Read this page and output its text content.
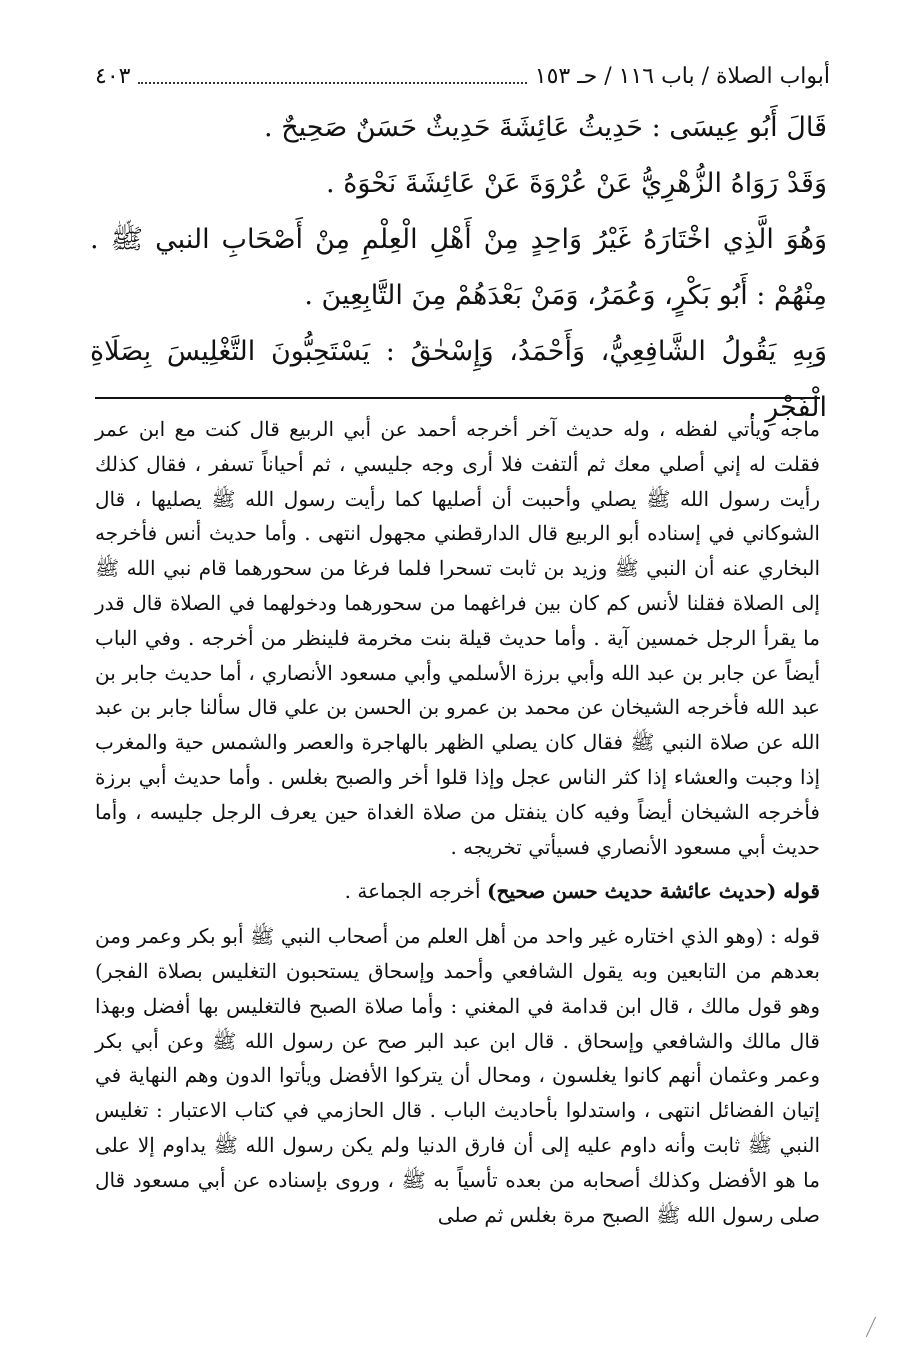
أبواب الصلاة / باب ١١٦ / حـ ١٥٣
٤٠٣

قَالَ أَبُو عِيسَى : حَدِيثُ عَائِشَةَ حَدِيثٌ حَسَنٌ صَحِيحٌ .

وَقَدْ رَوَاهُ الزُّهْرِيُّ عَنْ عُرْوَةَ عَنْ عَائِشَةَ نَحْوَهُ .

وَهُوَ الَّذِي اخْتَارَهُ غَيْرُ وَاحِدٍ مِنْ أَهْلِ الْعِلْمِ مِنْ أَصْحَابِ النبي ﷺ . مِنْهُمْ : أَبُو بَكْرٍ، وَعُمَرُ، وَمَنْ بَعْدَهُمْ مِنَ التَّابِعِينَ .

وَبِهِ يَقُولُ الشَّافِعِيُّ، وَأَحْمَدُ، وَإِسْحٰقُ : يَسْتَحِبُّونَ التَّغْلِيسَ بِصَلَاةِ الْفَجْرِ .

ماجه ويأتي لفظه ، وله حديث آخر أخرجه أحمد عن أبي الربيع قال كنت مع ابن عمر فقلت له إني أصلي معك ثم ألتفت فلا أرى وجه جليسي ، ثم أحياناً تسفر ، فقال كذلك رأيت رسول الله ﷺ يصلي وأحببت أن أصليها كما رأيت رسول الله ﷺ يصليها ، قال الشوكاني في إسناده أبو الربيع قال الدارقطني مجهول انتهى . وأما حديث أنس فأخرجه البخاري عنه أن النبي ﷺ وزيد بن ثابت تسحرا فلما فرغا من سحورهما قام نبي الله ﷺ إلى الصلاة فقلنا لأنس كم كان بين فراغهما من سحورهما ودخولهما في الصلاة قال قدر ما يقرأ الرجل خمسين آية . وأما حديث قيلة بنت مخرمة فلينظر من أخرجه . وفي الباب أيضاً عن جابر بن عبد الله وأبي برزة الأسلمي وأبي مسعود الأنصاري ، أما حديث جابر بن عبد الله فأخرجه الشيخان عن محمد بن عمرو بن الحسن بن علي قال سألنا جابر بن عبد الله عن صلاة النبي ﷺ فقال كان يصلي الظهر بالهاجرة والعصر والشمس حية والمغرب إذا وجبت والعشاء إذا كثر الناس عجل وإذا قلوا أخر والصبح بغلس . وأما حديث أبي برزة فأخرجه الشيخان أيضاً وفيه كان ينفتل من صلاة الغداة حين يعرف الرجل جليسه ، وأما حديث أبي مسعود الأنصاري فسيأتي تخريجه .

قوله (حديث عائشة حديث حسن صحيح) أخرجه الجماعة .

قوله : (وهو الذي اختاره غير واحد من أهل العلم من أصحاب النبي ﷺ أبو بكر وعمر ومن بعدهم من التابعين وبه يقول الشافعي وأحمد وإسحاق يستحبون التغليس بصلاة الفجر) وهو قول مالك ، قال ابن قدامة في المغني : وأما صلاة الصبح فالتغليس بها أفضل وبهذا قال مالك والشافعي وإسحاق . قال ابن عبد البر صح عن رسول الله ﷺ وعن أبي بكر وعمر وعثمان أنهم كانوا يغلسون ، ومحال أن يتركوا الأفضل ويأتوا الدون وهم النهاية في إتيان الفضائل انتهى ، واستدلوا بأحاديث الباب . قال الحازمي في كتاب الاعتبار : تغليس النبي ﷺ ثابت وأنه داوم عليه إلى أن فارق الدنيا ولم يكن رسول الله ﷺ يداوم إلا على ما هو الأفضل وكذلك أصحابه من بعده تأسياً به ﷺ ، وروى بإسناده عن أبي مسعود قال صلى رسول الله ﷺ الصبح مرة بغلس ثم صلى
